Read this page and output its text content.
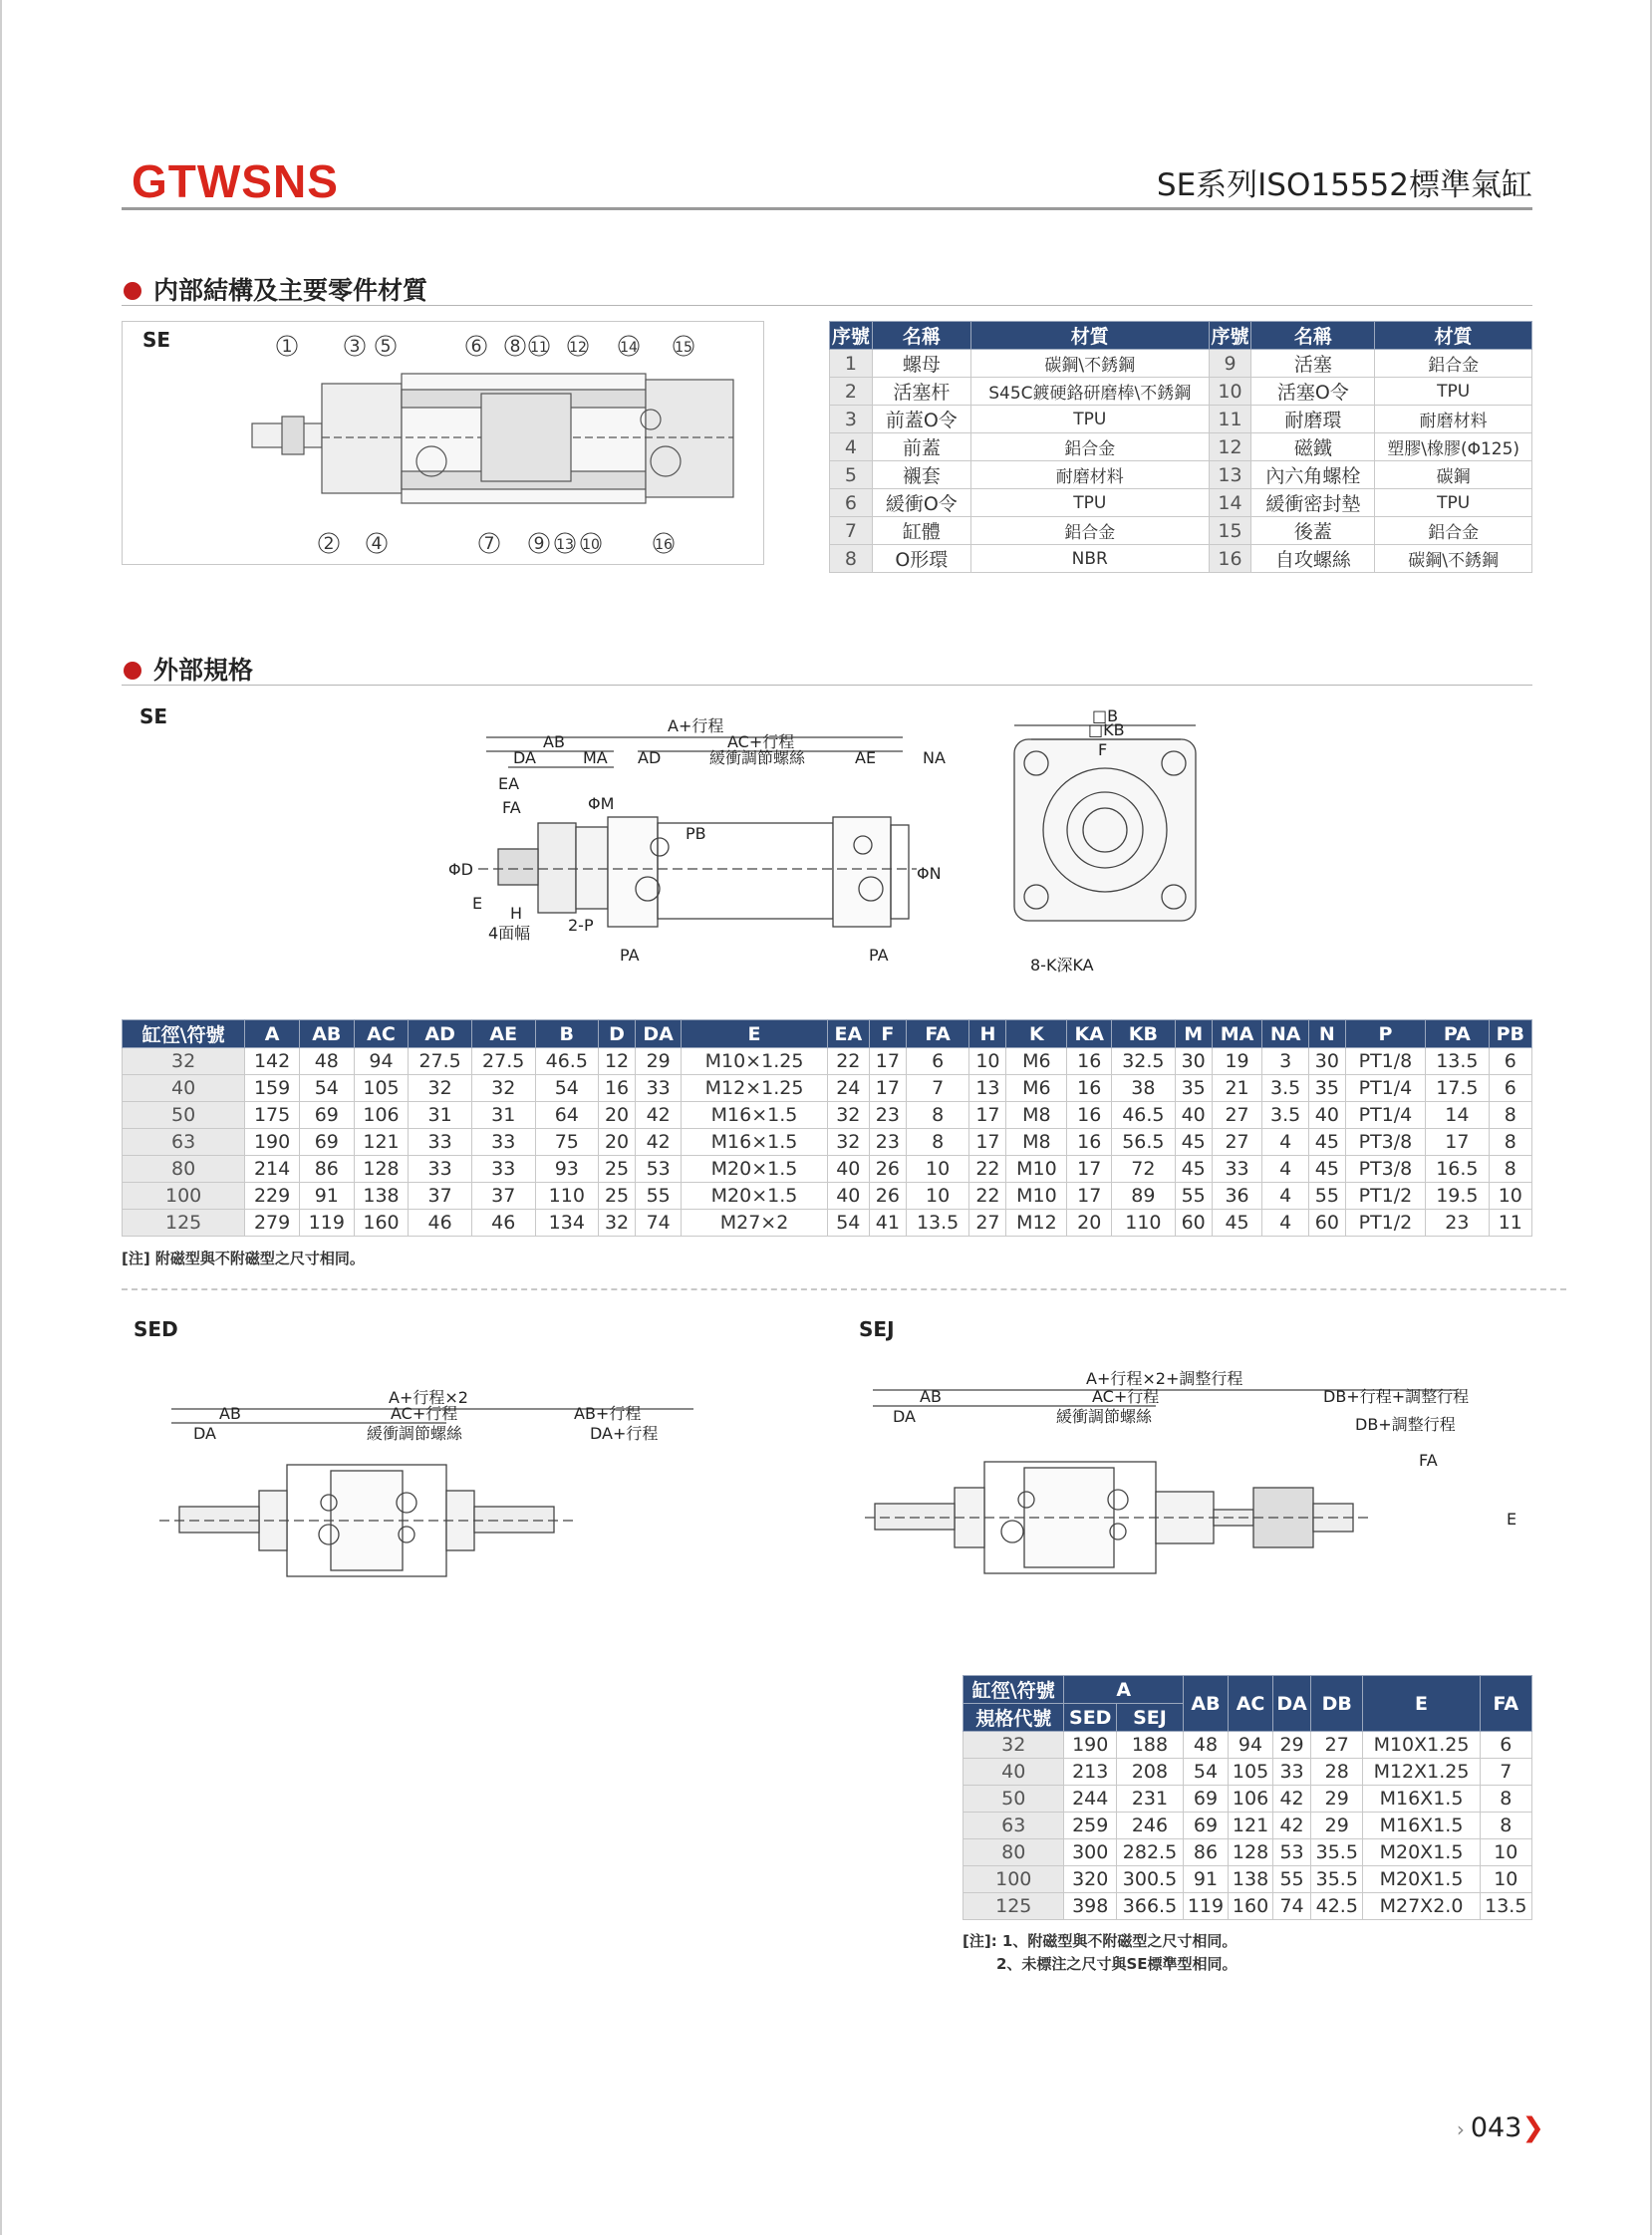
GTWSNS	SE系列ISO15552標準氣缸
内部結構及主要零件材質
SE	1	3 5	6 8 11 12 14	15
2 4	7 9 13 10	16
序號	名稱	材質	序號	名稱	材質
1	螺母	碳鋼\不銹鋼	9	活塞	鋁合金
2	活塞杆	S45C鍍硬鉻研磨棒\不銹鋼	10	活塞O令	TPU
3	前蓋O令	TPU	11	耐磨環	耐磨材料
4	前蓋	鋁合金	12	磁鐵	塑膠\橡膠(Φ125)
5	襯套	耐磨材料	13	內六角螺栓	碳鋼
6	緩衝O令	TPU	14	緩衝密封墊	TPU
7	缸體	鋁合金	15	後蓋	鋁合金
8	O形環	NBR	16	自攻螺絲	碳鋼\不銹鋼
外部規格
SE	A+行程
AB	AC+行程
DA	MA AD	緩衝調節螺絲	AE	NA
EA
FA	ΦM
ΦD
PB
ΦN
E
H
4面幅 2-P
PA	PA
□B
□KB
F
8-K深KA
缸徑\符號	A	AB	AC	AD	AE	B	D	DA	E	EA	F	FA	H	K	KA	KB	M	MA	NA	N	P	PA	PB
32	142	48	94	27.5	27.5	46.5	12	29	M10×1.25	22	17	6	10	M6	16	32.5	30	19	3	30	PT1/8	13.5	6
40	159	54	105	32	32	54	16	33	M12×1.25	24	17	7	13	M6	16	38	35	21	3.5	35	PT1/4	17.5	6
50	175	69	106	31	31	64	20	42	M16×1.5	32	23	8	17	M8	16	46.5	40	27	3.5	40	PT1/4	14	8
63	190	69	121	33	33	75	20	42	M16×1.5	32	23	8	17	M8	16	56.5	45	27	4	45	PT3/8	17	8
80	214	86	128	33	33	93	25	53	M20×1.5	40	26	10	22	M10	17	72	45	33	4	45	PT3/8	16.5	8
100	229	91	138	37	37	110	25	55	M20×1.5	40	26	10	22	M10	17	89	55	36	4	55	PT1/2	19.5	10
125	279	119	160	46	46	134	32	74	M27×2	54	41	13.5	27	M12	20	110	60	45	4	60	PT1/2	23	11
[注] 附磁型與不附磁型之尺寸相同。
SED	SEJ
A+行程×2
AB	AC+行程	AB+行程
DA	緩衝調節螺絲	DA+行程
A+行程×2+調整行程
AB	AC+行程	DB+行程+調整行程
DA	緩衝調節螺絲	DB+調整行程
FA
E
缸徑\符號	A		AB	AC	DA	DB	E	FA
規格代號	SED	SEJ						
32	190	188	48	94	29	27	M10X1.25	6
40	213	208	54	105	33	28	M12X1.25	7
50	244	231	69	106	42	29	M16X1.5	8
63	259	246	69	121	42	29	M16X1.5	8
80	300	282.5	86	128	53	35.5	M20X1.5	10
100	320	300.5	91	138	55	35.5	M20X1.5	10
125	398	366.5	119	160	74	42.5	M27X2.0	13.5
[注]: 1、附磁型與不附磁型之尺寸相同。
2、未標注之尺寸與SE標準型相同。
› 043❯
